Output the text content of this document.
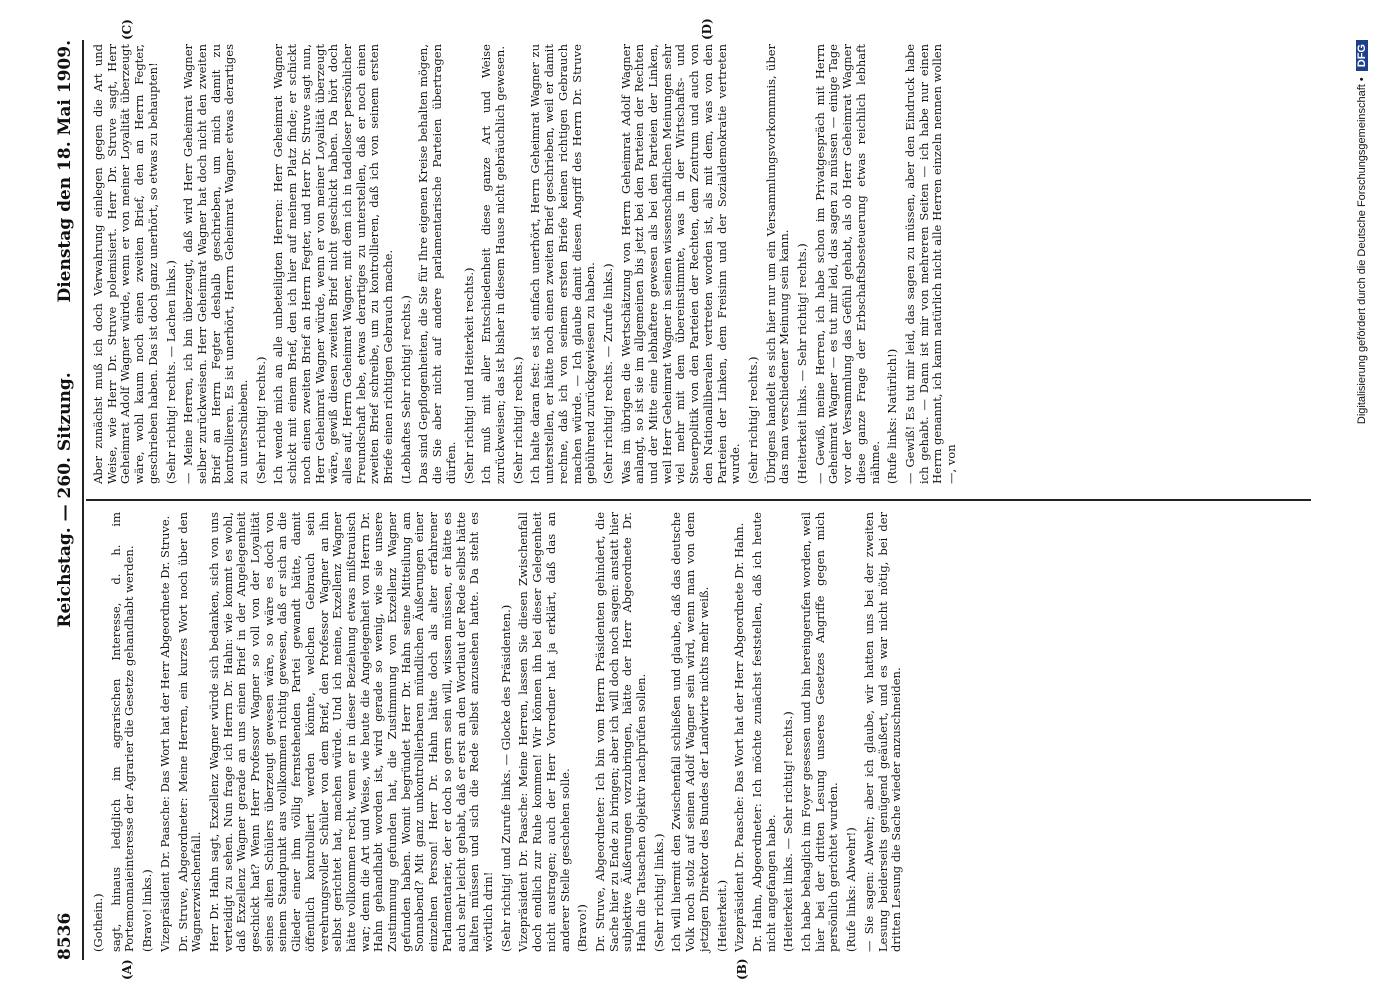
8536
Reichstag. — 260. Sitzung.
Dienstag den 18. Mai 1909.
(A)	(B)
(C)	(D)

(Gothein.) sagt, hinaus lediglich im agrarischen Interesse, d. h. im Portemonnaieinteresse der Agrarier die Gesetze gehandhabt werden. (Bravo! links.) Vizepräsident Dr. Paasche: Das Wort hat der Herr Abgeordnete Dr. Struve. Dr. Struve, Abgeordneter: Meine Herren, ein kurzes Wort noch über den Wagnerzwischenfall. Herr Dr. Hahn sagt, Exzellenz Wagner würde sich bedanken, sich von uns verteidigt zu sehen. Nun frage ich Herrn Dr. Hahn: wie kommt es wohl, daß Exzellenz Wagner gerade an uns einen Brief in der Angelegenheit geschickt hat? Wenn Herr Professor Wagner so voll von der Loyalität seines alten Schülers überzeugt gewesen wäre, so wäre es doch von seinem Standpunkt aus vollkommen richtig gewesen, daß er sich an die Glieder einer ihm völlig fernstehenden Partei gewandt hätte, damit öffentlich kontrolliert werden könnte, welchen Gebrauch sein verehrungsvoller Schüler von dem Brief, den Professor Wagner an ihn selbst gerichtet hat, machen würde. Und ich meine, Exzellenz Wagner hätte vollkommen recht, wenn er in dieser Beziehung etwas mißtrauisch war; denn die Art und Weise, wie heute die Angelegenheit von Herrn Dr. Hahn gehandhabt worden ist, wird gerade so wenig, wie sie unsere Zustimmung gefunden hat, die Zustimmung von Exzellenz Wagner gefunden haben. Womit begründet Herr Dr. Hahn seine Mitteilung am Sonnabend? Mit ganz unkontrollierbaren mündlichen Äußerungen einer einzelnen Person! Herr Dr. Hahn hätte doch als alter erfahrener Parlamentarier, der er doch so gern sein will, wissen müssen, er hätte es auch sehr leicht gehabt, daß er erst an den Wortlaut der Rede selbst hätte halten müssen und sich die Rede selbst anzusehen hatte. Da steht es wörtlich drin! (Sehr richtig! und Zurufe links. — Glocke des Präsidenten.) Vizepräsident Dr. Paasche: Meine Herren, lassen Sie diesen Zwischenfall doch endlich zur Ruhe kommen! Wir können ihn bei dieser Gelegenheit nicht austragen; auch der Herr Vorredner hat ja erklärt, daß das an anderer Stelle geschehen solle. (Bravo!) Dr. Struve, Abgeordneter: Ich bin vom Herrn Präsidenten gehindert, die Sache hier zu Ende zu bringen; aber ich will doch noch sagen: anstatt hier subjektive Äußerungen vorzubringen, hätte der Herr Abgeordnete Dr. Hahn die Tatsachen objektiv nachprüfen sollen. (Sehr richtig! links.) Ich will hiermit den Zwischenfall schließen und glaube, daß das deutsche Volk noch stolz auf seinen Adolf Wagner sein wird, wenn man von dem jetzigen Direktor des Bundes der Landwirte nichts mehr weiß. (Heiterkeit.) Vizepräsident Dr. Paasche: Das Wort hat der Herr Abgeordnete Dr. Hahn. Dr. Hahn, Abgeordneter: Ich möchte zunächst feststellen, daß ich heute nicht angefangen habe. (Heiterkeit links. — Sehr richtig! rechts.) Ich habe behaglich im Foyer gesessen und bin hereingerufen worden, weil hier bei der dritten Lesung unseres Gesetzes Angriffe gegen mich persönlich gerichtet wurden. (Rufe links: Abwehr!) — Sie sagen: Abwehr; aber ich glaube, wir hatten uns bei der zweiten Lesung beiderseits genügend geäußert, und es war nicht nötig, bei der dritten Lesung die Sache wieder anzuschneiden.

Aber zunächst muß ich doch Verwahrung einlegen gegen die Art und Weise, wie Herr Dr. Struve polemisiert. Herr Dr. Struve sagt, Herr Geheimrat Adolf Wagner würde, wenn er von meiner Loyalität überzeugt wäre, wohl kaum noch einen zweiten Brief, den an Herrn Fegter, geschrieben haben. Das ist doch ganz unerhört, so etwas zu behaupten! (Sehr richtig! rechts. — Lachen links.) — Meine Herren, ich bin überzeugt, daß wird Herr Geheimrat Wagner selber zurückweisen. Herr Geheimrat Wagner hat doch nicht den zweiten Brief an Herrn Fegter deshalb geschrieben, um mich damit zu kontrollieren. Es ist unerhört, Herrn Geheimrat Wagner etwas derartiges zu unterschieben. (Sehr richtig! rechts.) Ich wende mich an alle unbeteiligten Herren: Herr Geheimrat Wagner schickt mit einem Brief, den ich hier auf meinem Platz finde; er schickt noch einen zweiten Brief an Herrn Fegter, und Herr Dr. Struve sagt nun, Herr Geheimrat Wagner würde, wenn er von meiner Loyalität überzeugt wäre, gewiß diesen zweiten Brief nicht geschickt haben. Da hört doch alles auf, Herrn Geheimrat Wagner, mit dem ich in tadelloser persönlicher Freundschaft lebe, etwas derartiges zu unterstellen, daß er noch einen zweiten Brief schreibe, um zu kontrollieren, daß ich von seinem ersten Briefe einen richtigen Gebrauch mache. (Lebhaftes Sehr richtig! rechts.) Das sind Gepflogenheiten, die Sie für Ihre eigenen Kreise behalten mögen, die Sie aber nicht auf andere parlamentarische Parteien übertragen dürfen. (Sehr richtig! und Heiterkeit rechts.) Ich muß mit aller Entschiedenheit diese ganze Art und Weise zurückweisen; das ist bisher in diesem Hause nicht gebräuchlich gewesen. (Sehr richtig! rechts.) Ich halte daran fest: es ist einfach unerhört, Herrn Geheimrat Wagner zu unterstellen, er hätte noch einen zweiten Brief geschrieben, weil er damit rechne, daß ich von seinem ersten Briefe keinen richtigen Gebrauch machen würde. — Ich glaube damit diesen Angriff des Herrn Dr. Struve gebührend zurückgewiesen zu haben. (Sehr richtig! rechts. — Zurufe links.) Was im übrigen die Wertschätzung von Herrn Geheimrat Adolf Wagner anlangt, so ist sie im allgemeinen bis jetzt bei den Parteien der Rechten und der Mitte eine lebhaftere gewesen als bei den Parteien der Linken, weil Herr Geheimrat Wagner in seinen wissenschaftlichen Meinungen sehr viel mehr mit dem übereinstimmte, was in der Wirtschafts- und Steuerpolitik von den Parteien der Rechten, dem Zentrum und auch von den Nationalliberalen vertreten worden ist, als mit dem, was von den Parteien der Linken, dem Freisinn und der Sozialdemokratie vertreten wurde. (Sehr richtig! rechts.) Übrigens handelt es sich hier nur um ein Versammlungsvorkommnis, über das man verschiedener Meinung sein kann. (Heiterkeit links. — Sehr richtig! rechts.) — Gewiß, meine Herren, ich habe schon im Privatgespräch mit Herrn Geheimrat Wagner — es tut mir leid, das sagen zu müssen — einige Tage vor der Versammlung das Gefühl gehabt, als ob Herr Geheimrat Wagner diese ganze Frage der Erbschaftsbesteuerung etwas reichlich lebhaft nähme. (Rufe links: Natürlich!) — Gewiß! Es tut mir leid, das sagen zu müssen, aber den Eindruck habe ich gehabt. — Dann ist mir von mehreren Seiten — ich habe nur einen Herrn genannt, ich kann natürlich nicht alle Herren einzeln nennen wollen —, von

Digitalisierung gefördert durch die Deutsche Forschungsgemeinschaft •DFG
